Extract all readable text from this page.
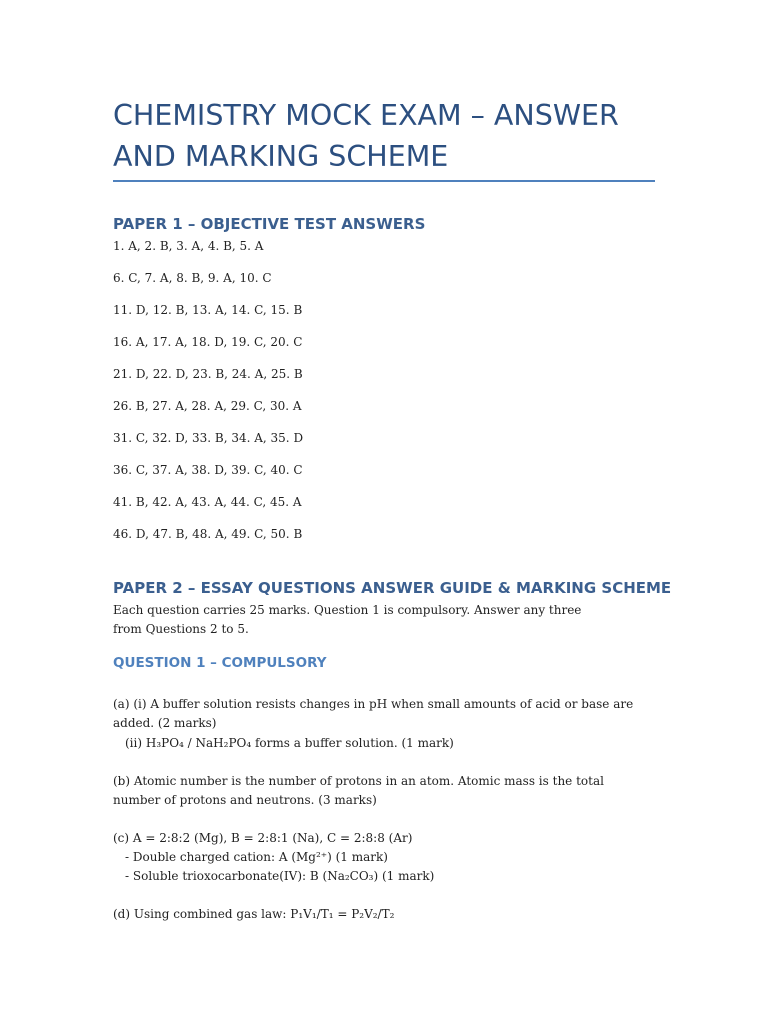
CHEMISTRY MOCK EXAM – ANSWER AND MARKING SCHEME
PAPER 1 – OBJECTIVE TEST ANSWERS

1. A, 2. B, 3. A, 4. B, 5. A

6. C, 7. A, 8. B, 9. A, 10. C

11. D, 12. B, 13. A, 14. C, 15. B

16. A, 17. A, 18. D, 19. C, 20. C

21. D, 22. D, 23. B, 24. A, 25. B

26. B, 27. A, 28. A, 29. C, 30. A

31. C, 32. D, 33. B, 34. A, 35. D

36. C, 37. A, 38. D, 39. C, 40. C

41. B, 42. A, 43. A, 44. C, 45. A

46. D, 47. B, 48. A, 49. C, 50. B

PAPER 2 – ESSAY QUESTIONS ANSWER GUIDE & MARKING SCHEME

Each question carries 25 marks. Question 1 is compulsory. Answer any three from Questions 2 to 5.

QUESTION 1 – COMPULSORY

(a) (i) A buffer solution resists changes in pH when small amounts of acid or base are added. (2 marks)

(ii) H₃PO₄ / NaH₂PO₄ forms a buffer solution. (1 mark)

(b) Atomic number is the number of protons in an atom. Atomic mass is the total number of protons and neutrons. (3 marks)

(c) A = 2:8:2 (Mg), B = 2:8:1 (Na), C = 2:8:8 (Ar)

- Double charged cation: A (Mg²⁺) (1 mark)

- Soluble trioxocarbonate(IV): B (Na₂CO₃) (1 mark)

(d) Using combined gas law: P₁V₁/T₁ = P₂V₂/T₂
